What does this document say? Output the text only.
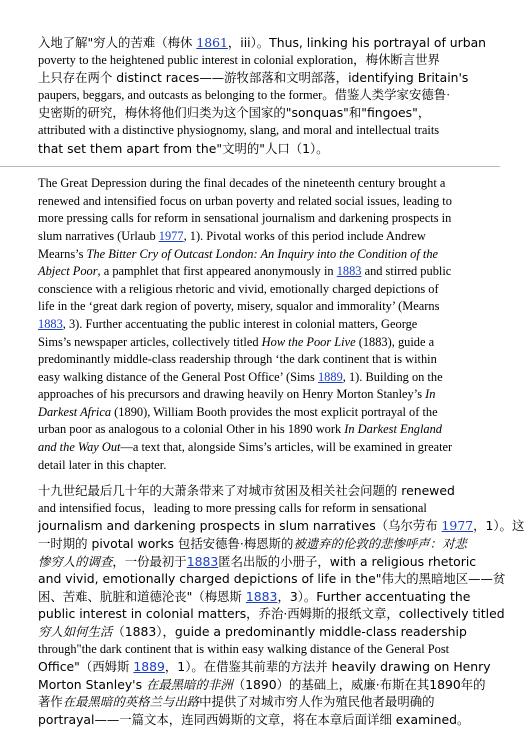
入地了解"穷人的苦难（梅休 1861，iii）。Thus, linking his portrayal of urban
poverty to the heightened public interest in colonial exploration，梅休断言世界
上只存在两个 distinct races——游牧部落和文明部落，identifying Britain's
paupers, beggars, and outcasts as belonging to the former。借鉴人类学家安德鲁·
史密斯的研究，梅休将他们归类为这个国家的"sonquas"和"fingoes"，
attributed with a distinctive physiognomy, slang, and moral and intellectual traits
that set them apart from the"文明的"人口（1）。

The Great Depression during the final decades of the nineteenth century brought a
renewed and intensified focus on urban poverty and related social issues, leading to
more pressing calls for reform in sensational journalism and darkening prospects in
slum narratives (Urlaub 1977, 1). Pivotal works of this period include Andrew
Mearns’s The Bitter Cry of Outcast London: An Inquiry into the Condition of the
Abject Poor, a pamphlet that first appeared anonymously in 1883 and stirred public
conscience with a religious rhetoric and vivid, emotionally charged depictions of
life in the ‘great dark region of poverty, misery, squalor and immorality’ (Mearns
1883, 3). Further accentuating the public interest in colonial matters, George
Sims’s newspaper articles, collectively titled How the Poor Live (1883), guide a
predominantly middle-class readership through ‘the dark continent that is within
easy walking distance of the General Post Office’ (Sims 1889, 1). Building on the
approaches of his precursors and drawing heavily on Henry Morton Stanley’s In
Darkest Africa (1890), William Booth provides the most explicit portrayal of the
urban poor as analogous to a colonial Other in his 1890 work In Darkest England
and the Way Out—a text that, alongside Sims’s articles, will be examined in greater
detail later in this chapter.

十九世纪最后几十年的大萧条带来了对城市贫困及相关社会问题的 renewed
and intensified focus，leading to more pressing calls for reform in sensational
journalism and darkening prospects in slum narratives（乌尔劳布 1977，1）。这
一时期的 pivotal works 包括安德鲁·梅恩斯的被遗弃的伦敦的悲惨呼声：对悲
惨穷人的调查，一份最初于1883匿名出版的小册子，with a religious rhetoric
and vivid, emotionally charged depictions of life in the"伟大的黑暗地区——贫
困、苦难、肮脏和道德沦丧"（梅恩斯 1883，3）。Further accentuating the
public interest in colonial matters，乔治·西姆斯的报纸文章，collectively titled
穷人如何生活（1883），guide a predominantly middle-class readership
through"the dark continent that is within easy walking distance of the General Post
Office"（西姆斯 1889，1）。在借鉴其前辈的方法并 heavily drawing on Henry
Morton Stanley's 在最黑暗的非洲（1890）的基础上，威廉·布斯在其1890年的
著作在最黑暗的英格兰与出路中提供了对城市穷人作为殖民他者最明确的
portrayal——一篇文本，连同西姆斯的文章，将在本章后面详细 examined。
